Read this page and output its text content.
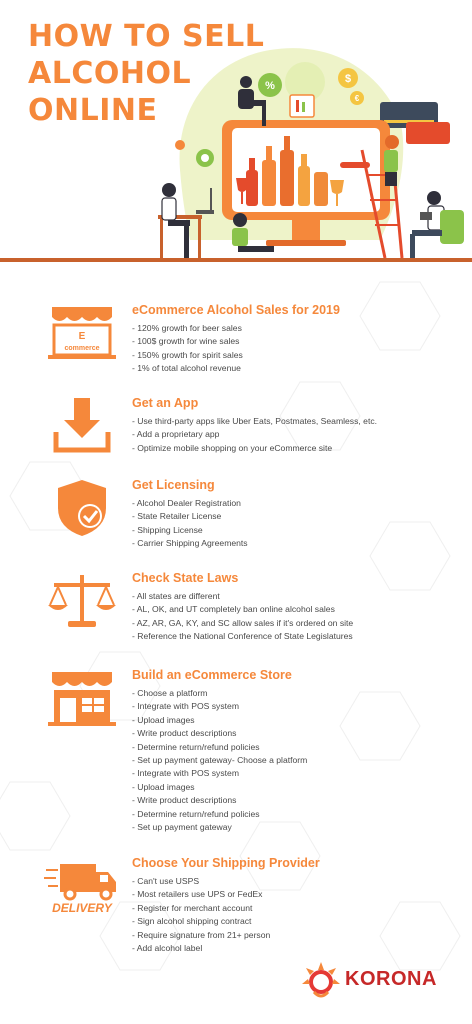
$
€
%
HOW TO SELL
ALCOHOL
ONLINE
E
commerce
eCommerce Alcohol Sales for 2019
- 120% growth for beer sales
- 100$ growth for wine sales
- 150% growth for spirit sales
- 1% of total alcohol revenue
Get an App
- Use third-party apps like Uber Eats, Postmates, Seamless, etc.
- Add a proprietary app
- Optimize mobile shopping on your eCommerce site
Get Licensing
- Alcohol Dealer Registration
- State Retailer License
- Shipping License
- Carrier Shipping Agreements
Check State Laws
- All states are different
- AL, OK, and UT completely ban online alcohol sales
- AZ, AR, GA, KY, and SC allow sales if it's ordered on site
- Reference the National Conference of State Legislatures
Build an eCommerce Store
- Choose a platform
- Integrate with POS system
- Upload images
- Write product descriptions
- Determine return/refund policies
- Set up payment gateway- Choose a platform
- Integrate with POS system
- Upload images
- Write product descriptions
- Determine return/refund policies
- Set up payment gateway
DELIVERY
Choose Your Shipping Provider
- Can't use USPS
- Most retailers use UPS or FedEx
- Register for merchant account
- Sign alcohol shipping contract
- Require signature from 21+ person
- Add alcohol label
KORONA
